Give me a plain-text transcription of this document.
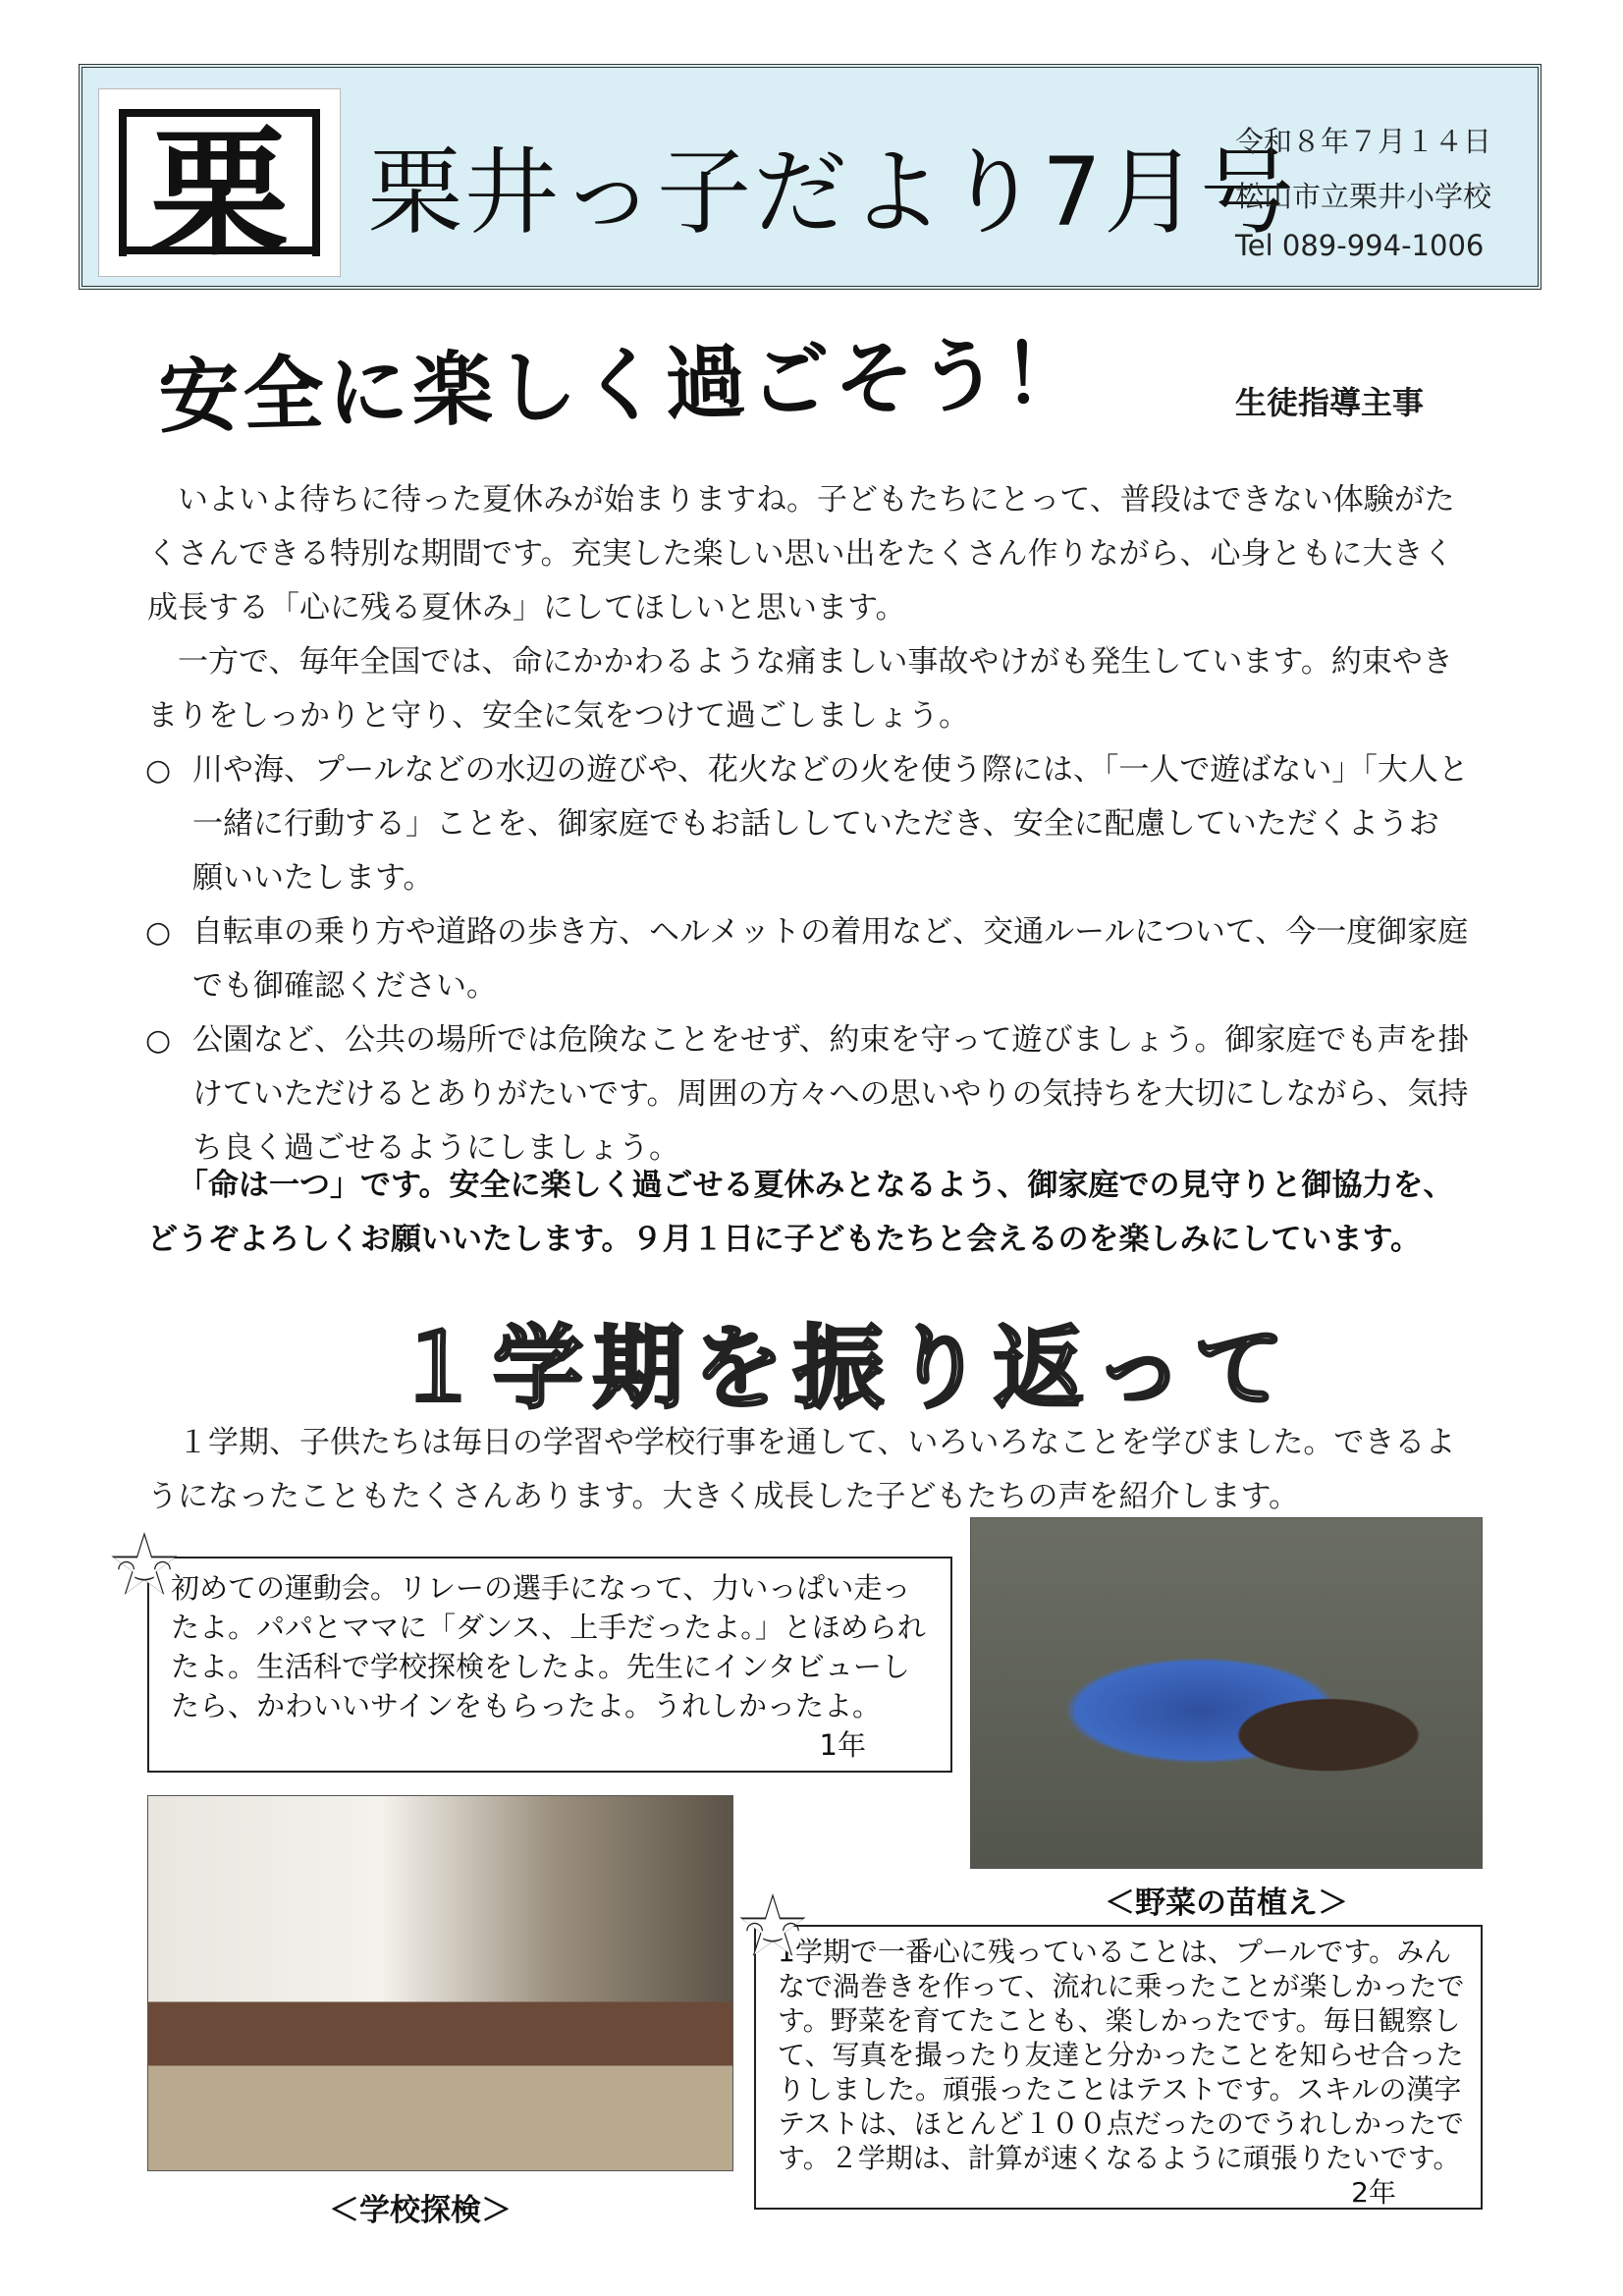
栗 栗井っ子だより7月号
令和８年７月１４日
松山市立栗井小学校
Tel 089-994-1006
安全に楽しく過ごそう！	生徒指導主事
いよいよ待ちに待った夏休みが始まりますね。子どもたちにとって、普段はできない体験がたくさんできる特別な期間です。充実した楽しい思い出をたくさん作りながら、心身ともに大きく成長する「心に残る夏休み」にしてほしいと思います。
一方で、毎年全国では、命にかかわるような痛ましい事故やけがも発生しています。約束やきまりをしっかりと守り、安全に気をつけて過ごしましょう。
○ 川や海、プールなどの水辺の遊びや、花火などの火を使う際には、「一人で遊ばない」「大人と一緒に行動する」ことを、御家庭でもお話ししていただき、安全に配慮していただくようお願いいたします。
○ 自転車の乗り方や道路の歩き方、ヘルメットの着用など、交通ルールについて、今一度御家庭でも御確認ください。
○ 公園など、公共の場所では危険なことをせず、約束を守って遊びましょう。御家庭でも声を掛けていただけるとありがたいです。周囲の方々への思いやりの気持ちを大切にしながら、気持ち良く過ごせるようにしましょう。
「命は一つ」です。安全に楽しく過ごせる夏休みとなるよう、御家庭での見守りと御協力を、どうぞよろしくお願いいたします。９月１日に子どもたちと会えるのを楽しみにしています。
１学期を振り返って
１学期、子供たちは毎日の学習や学校行事を通して、いろいろなことを学びました。できるようになったこともたくさんあります。大きく成長した子どもたちの声を紹介します。
初めての運動会。リレーの選手になって、力いっぱい走ったよ。パパとママに「ダンス、上手だったよ。」とほめられたよ。生活科で学校探検をしたよ。先生にインタビューしたら、かわいいサインをもらったよ。うれしかったよ。
1年
◠‿◠
＜野菜の苗植え＞
＜学校探検＞
1学期で一番心に残っていることは、プールです。みんなで渦巻きを作って、流れに乗ったことが楽しかったです。野菜を育てたことも、楽しかったです。毎日観察して、写真を撮ったり友達と分かったことを知らせ合ったりしました。頑張ったことはテストです。スキルの漢字テストは、ほとんど１００点だったのでうれしかったです。２学期は、計算が速くなるように頑張りたいです。
2年
◠‿◠
